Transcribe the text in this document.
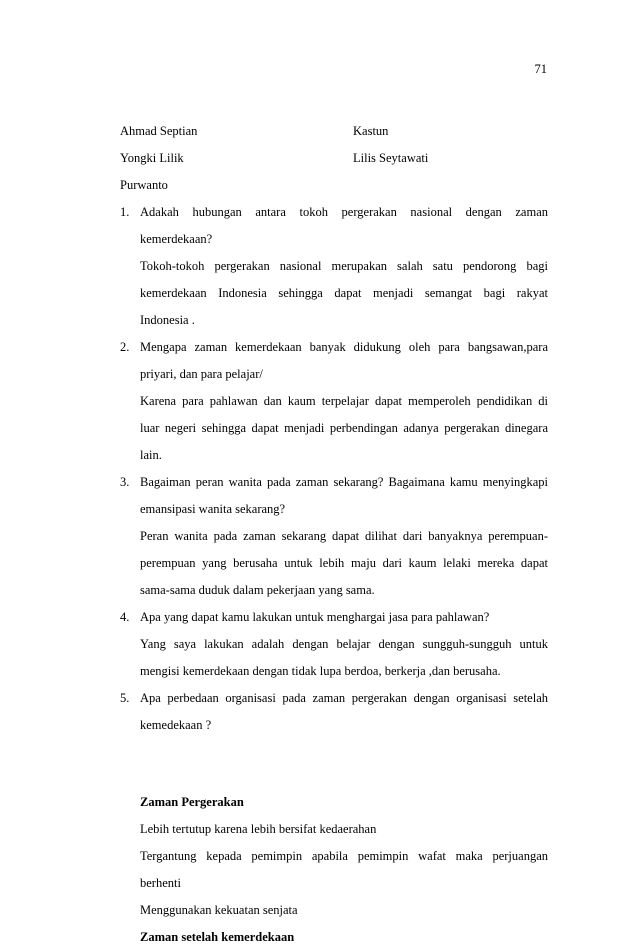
71
Ahmad Septian	Kastun
Yongki Lilik	Lilis Seytawati
Purwanto
1. Adakah hubungan antara tokoh pergerakan nasional dengan zaman
kemerdekaan?
Tokoh-tokoh pergerakan nasional merupakan salah satu pendorong bagi
kemerdekaan Indonesia sehingga dapat menjadi semangat bagi rakyat
Indonesia .
2. Mengapa zaman kemerdekaan banyak didukung oleh para bangsawan,para
priyari, dan para pelajar/
Karena para pahlawan dan kaum terpelajar dapat memperoleh pendidikan di
luar negeri sehingga dapat menjadi perbendingan adanya pergerakan dinegara
lain.
3. Bagaiman peran wanita pada zaman sekarang? Bagaimana kamu menyingkapi
emansipasi wanita sekarang?
Peran wanita pada zaman sekarang dapat dilihat dari banyaknya perempuan-
perempuan yang berusaha untuk lebih maju dari kaum lelaki mereka dapat
sama-sama duduk dalam pekerjaan yang sama.
4. Apa yang dapat kamu lakukan untuk menghargai jasa para pahlawan?
Yang saya lakukan adalah dengan belajar dengan sungguh-sungguh untuk
mengisi kemerdekaan dengan tidak lupa berdoa, berkerja ,dan berusaha.
5. Apa perbedaan organisasi pada zaman pergerakan dengan organisasi setelah
kemedekaan ?
Zaman Pergerakan
Lebih tertutup karena lebih bersifat kedaerahan
Tergantung kepada pemimpin apabila pemimpin wafat maka perjuangan
berhenti
Menggunakan kekuatan senjata
Zaman setelah kemerdekaan
